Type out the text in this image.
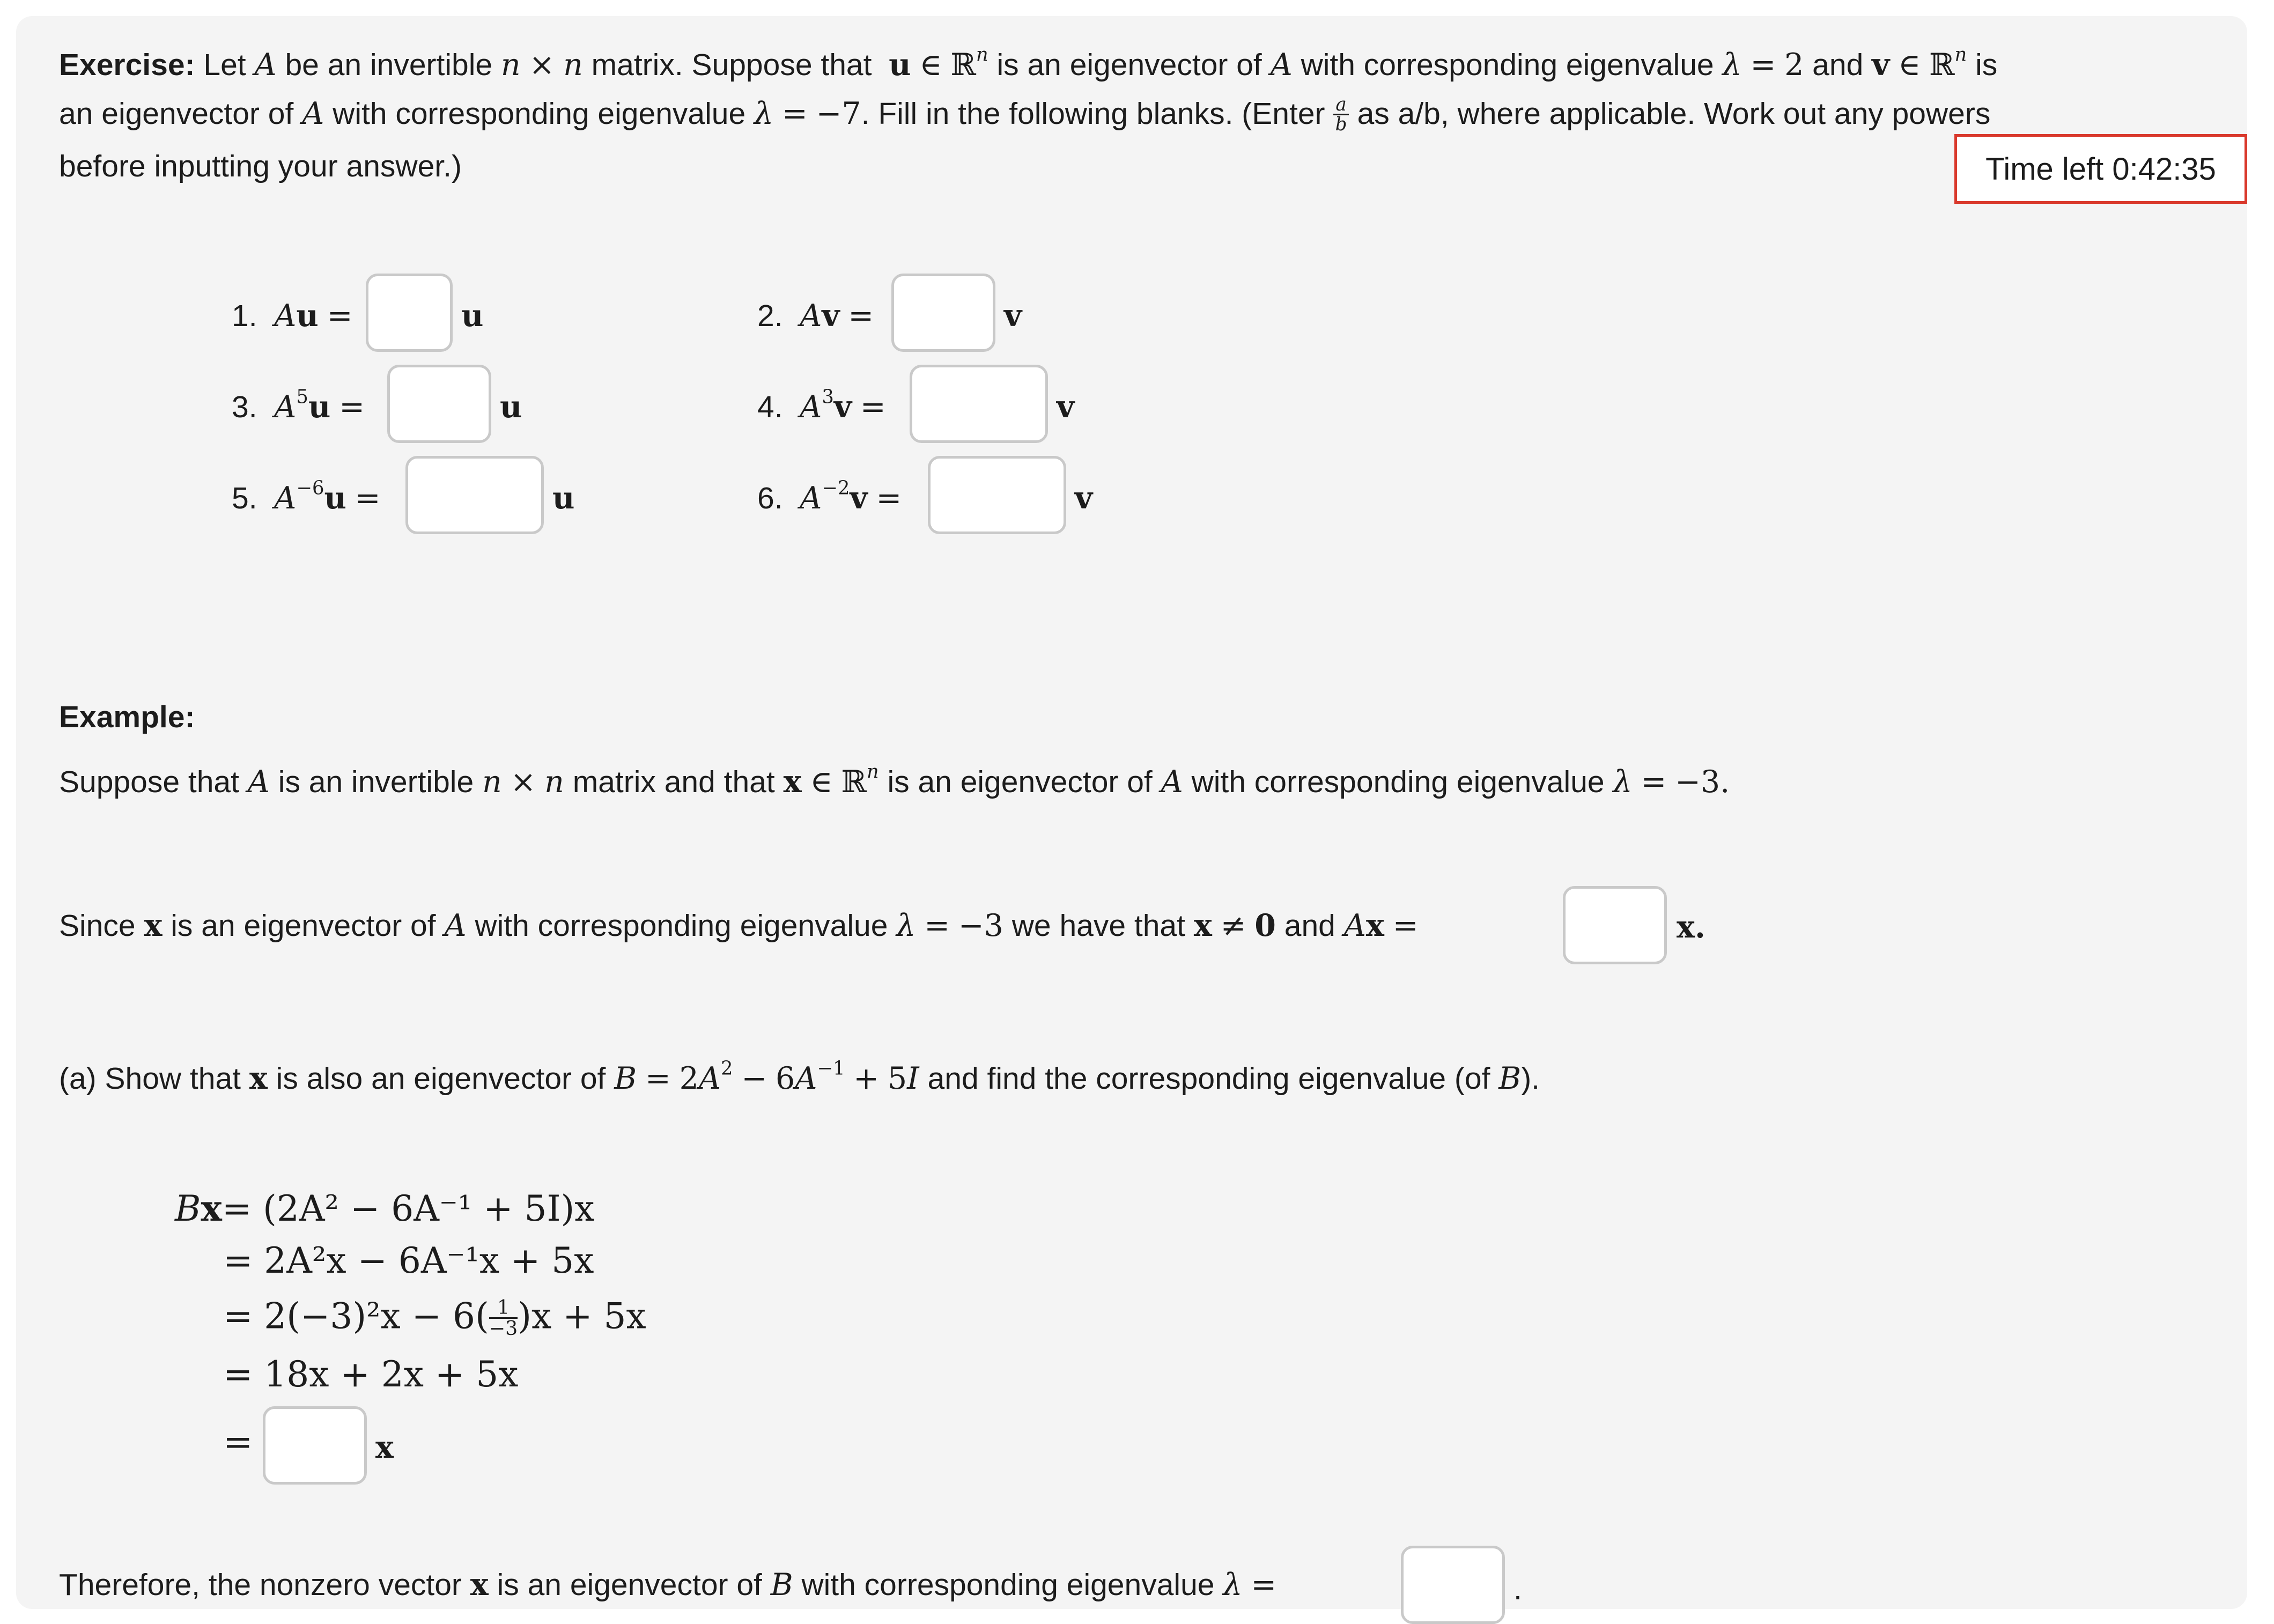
Exercise: Let A be an invertible n × n matrix. Suppose that u ∈ ℝ$^n$ is an eigenvector of A with corresponding eigenvalue λ = 2 and v ∈ ℝ$^n$ is
an eigenvector of A with corresponding eigenvalue λ = −7. Fill in the following blanks. (Enter $\frac{a}{b}$ as a/b, where applicable. Work out any powers
before inputting your answer.)	Time left 0:42:35
1. Au =	u	2. Av =	v
3. $A^5u$ =	u	4. $A^3v$ =	v
5. $A^{-6}u$ =	u	6. $A^{-2}v$ =	v
Example:
Suppose that A is an invertible n × n matrix and that x ∈ ℝ$^n$ is an eigenvector of A with corresponding eigenvalue λ = −3.
Since x is an eigenvector of A with corresponding eigenvalue λ = −3 we have that x ≠ 0 and Ax =	x.
(a) Show that x is also an eigenvector of $B = 2A^2 - 6A^{-1} + 5I$ and find the corresponding eigenvalue (of B).
Bx= (2A² − 6A⁻¹ + 5I)x
= 2A²x − 6A⁻¹x + 5x
= $2(-3)^2x - 6( \frac{1}{-3} )x + 5x$
= 18x + 2x + 5x
=	x
Therefore, the nonzero vector x is an eigenvector of B with corresponding eigenvalue λ =	.
